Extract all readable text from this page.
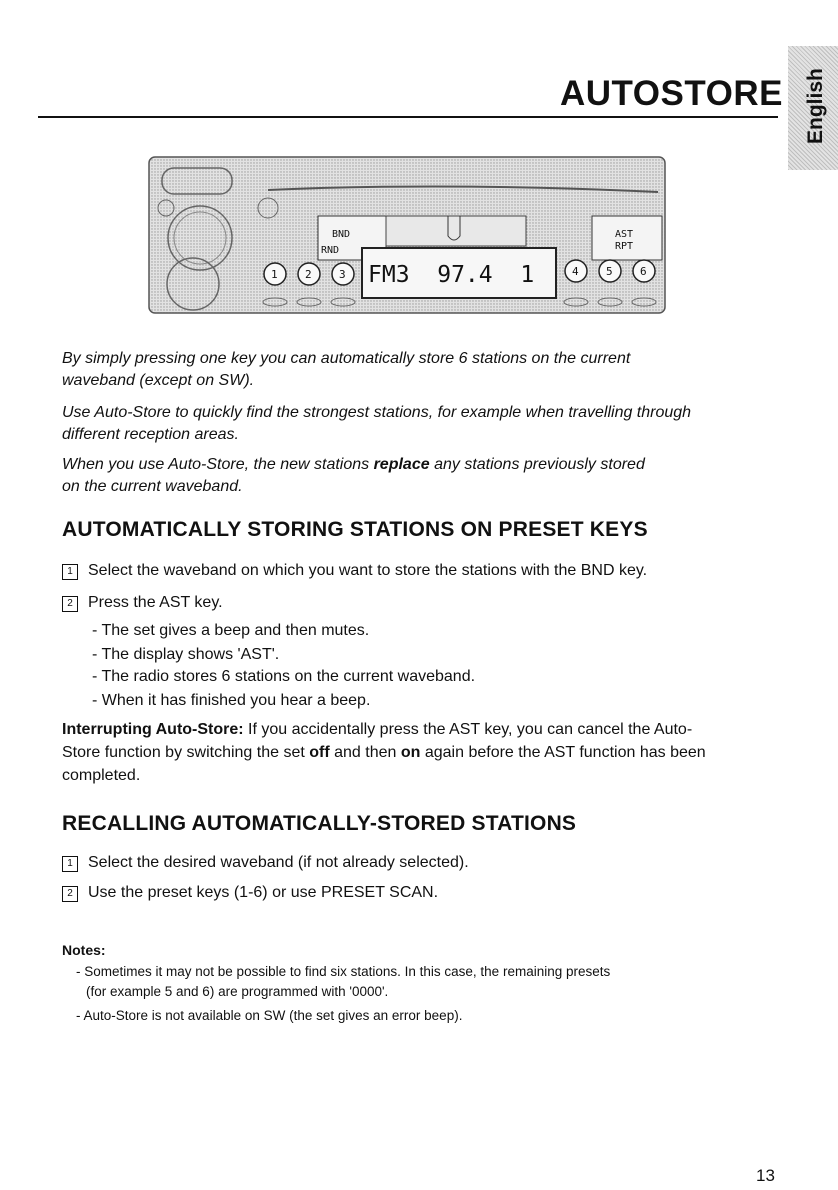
AUTOSTORE English
BND
RND
AST
RPT
FM3  97.4  1
1 2 3	4 5 6
By simply pressing one key you can automatically store 6 stations on the current
waveband (except on SW).
Use Auto-Store to quickly find the strongest stations, for example when travelling through
different reception areas.
When you use Auto-Store, the new stations replace any stations previously stored
on the current waveband.
AUTOMATICALLY STORING STATIONS ON PRESET KEYS
1 Select the waveband on which you want to store the stations with the BND key.
2 Press the AST key.
- The set gives a beep and then mutes.
- The display shows 'AST'.
- The radio stores 6 stations on the current waveband.
- When it has finished you hear a beep.
Interrupting Auto-Store: If you accidentally press the AST key, you can cancel the Auto-
Store function by switching the set off and then on again before the AST function has been
completed.
RECALLING AUTOMATICALLY-STORED STATIONS
1 Select the desired waveband (if not already selected).
2 Use the preset keys (1-6) or use PRESET SCAN.
Notes:
- Sometimes it may not be possible to find six stations. In this case, the remaining presets
(for example 5 and 6) are programmed with '0000'.
- Auto-Store is not available on SW (the set gives an error beep).
13
